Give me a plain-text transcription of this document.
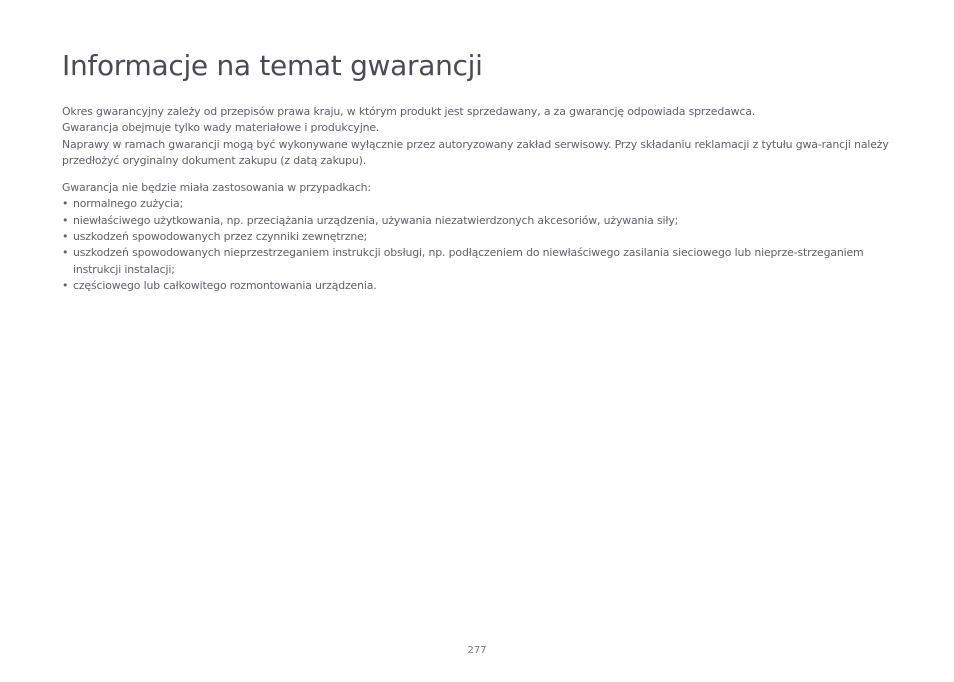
Informacje na temat gwarancji

Okres gwarancyjny zależy od przepisów prawa kraju, w którym produkt jest sprzedawany, a za gwarancję odpowiada sprzedawca.

Gwarancja obejmuje tylko wady materiałowe i produkcyjne.

Naprawy w ramach gwarancji mogą być wykonywane wyłącznie przez autoryzowany zakład serwisowy. Przy składaniu reklamacji z tytułu gwa-rancji należy przedłożyć oryginalny dokument zakupu (z datą zakupu).

Gwarancja nie będzie miała zastosowania w przypadkach:

• normalnego zużycia;
• niewłaściwego użytkowania, np. przeciążania urządzenia, używania niezatwierdzonych akcesoriów, używania siły;
• uszkodzeń spowodowanych przez czynniki zewnętrzne;
• uszkodzeń spowodowanych nieprzestrzeganiem instrukcji obsługi, np. podłączeniem do niewłaściwego zasilania sieciowego lub nieprze-strzeganiem instrukcji instalacji;
• częściowego lub całkowitego rozmontowania urządzenia.
277
